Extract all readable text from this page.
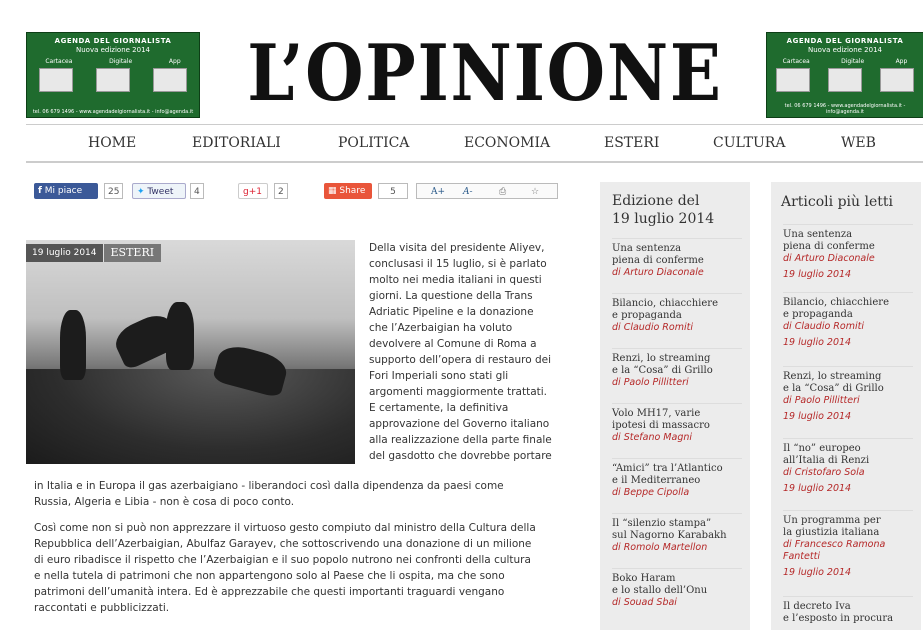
AGENDA DEL GIORNALISTA
Nuova edizione 2014
Cartacea	Digitale	App
tel. 06 679 1496 - www.agendadelgiornalista.it - info@agenda.it
AGENDA DEL GIORNALISTA
Nuova edizione 2014
Cartacea	Digitale	App
tel. 06 679 1496 - www.agendadelgiornalista.it - info@agenda.it
L’OPINIONE
HOME	EDITORIALI	POLITICA	ECONOMIA	ESTERI	CULTURA	WEB
f Mi piace	25	✦ Tweet	4	g+1	2	▦ Share	5	A+ A-	⎙	☆
19 luglio 2014	ESTERI	Della visita del presidente Aliyev,
conclusasi il 15 luglio, si è parlato
molto nei media italiani in questi
giorni. La questione della Trans
Adriatic Pipeline e la donazione
che l’Azerbaigian ha voluto
devolvere al Comune di Roma a
supporto dell’opera di restauro dei
Fori Imperiali sono stati gli
argomenti maggiormente trattati.
E certamente, la definitiva
approvazione del Governo italiano
alla realizzazione della parte finale
del gasdotto che dovrebbe portare
in Italia e in Europa il gas azerbaigiano - liberandoci così dalla dipendenza da paesi come
Russia, Algeria e Libia - non è cosa di poco conto.
Così come non si può non apprezzare il virtuoso gesto compiuto dal ministro della Cultura della
Repubblica dell’Azerbaigian, Abulfaz Garayev, che sottoscrivendo una donazione di un milione
di euro ribadisce il rispetto che l’Azerbaigian e il suo popolo nutrono nei confronti della cultura
e nella tutela di patrimoni che non appartengono solo al Paese che li ospita, ma che sono
patrimoni dell’umanità intera. Ed è apprezzabile che questi importanti traguardi vengano
raccontati e pubblicizzati.
Edizione del
19 luglio 2014
Una sentenza
piena di conferme
di Arturo Diaconale
Bilancio, chiacchiere
e propaganda
di Claudio Romiti
Renzi, lo streaming
e la “Cosa” di Grillo
di Paolo Pillitteri
Volo MH17, varie
ipotesi di massacro
di Stefano Magni
“Amici” tra l’Atlantico
e il Mediterraneo
di Beppe Cipolla
Il “silenzio stampa”
sul Nagorno Karabakh
di Romolo Martellon
Boko Haram
e lo stallo dell’Onu
di Souad Sbai
Articoli più letti
Una sentenza
piena di conferme
di Arturo Diaconale
19 luglio 2014
Bilancio, chiacchiere
e propaganda
di Claudio Romiti
19 luglio 2014
Renzi, lo streaming
e la “Cosa” di Grillo
di Paolo Pillitteri
19 luglio 2014
Il “no” europeo
all’Italia di Renzi
di Cristofaro Sola
19 luglio 2014
Un programma per
la giustizia italiana
di Francesco Ramona Fantetti
19 luglio 2014
Il decreto Iva
e l’esposto in procura
